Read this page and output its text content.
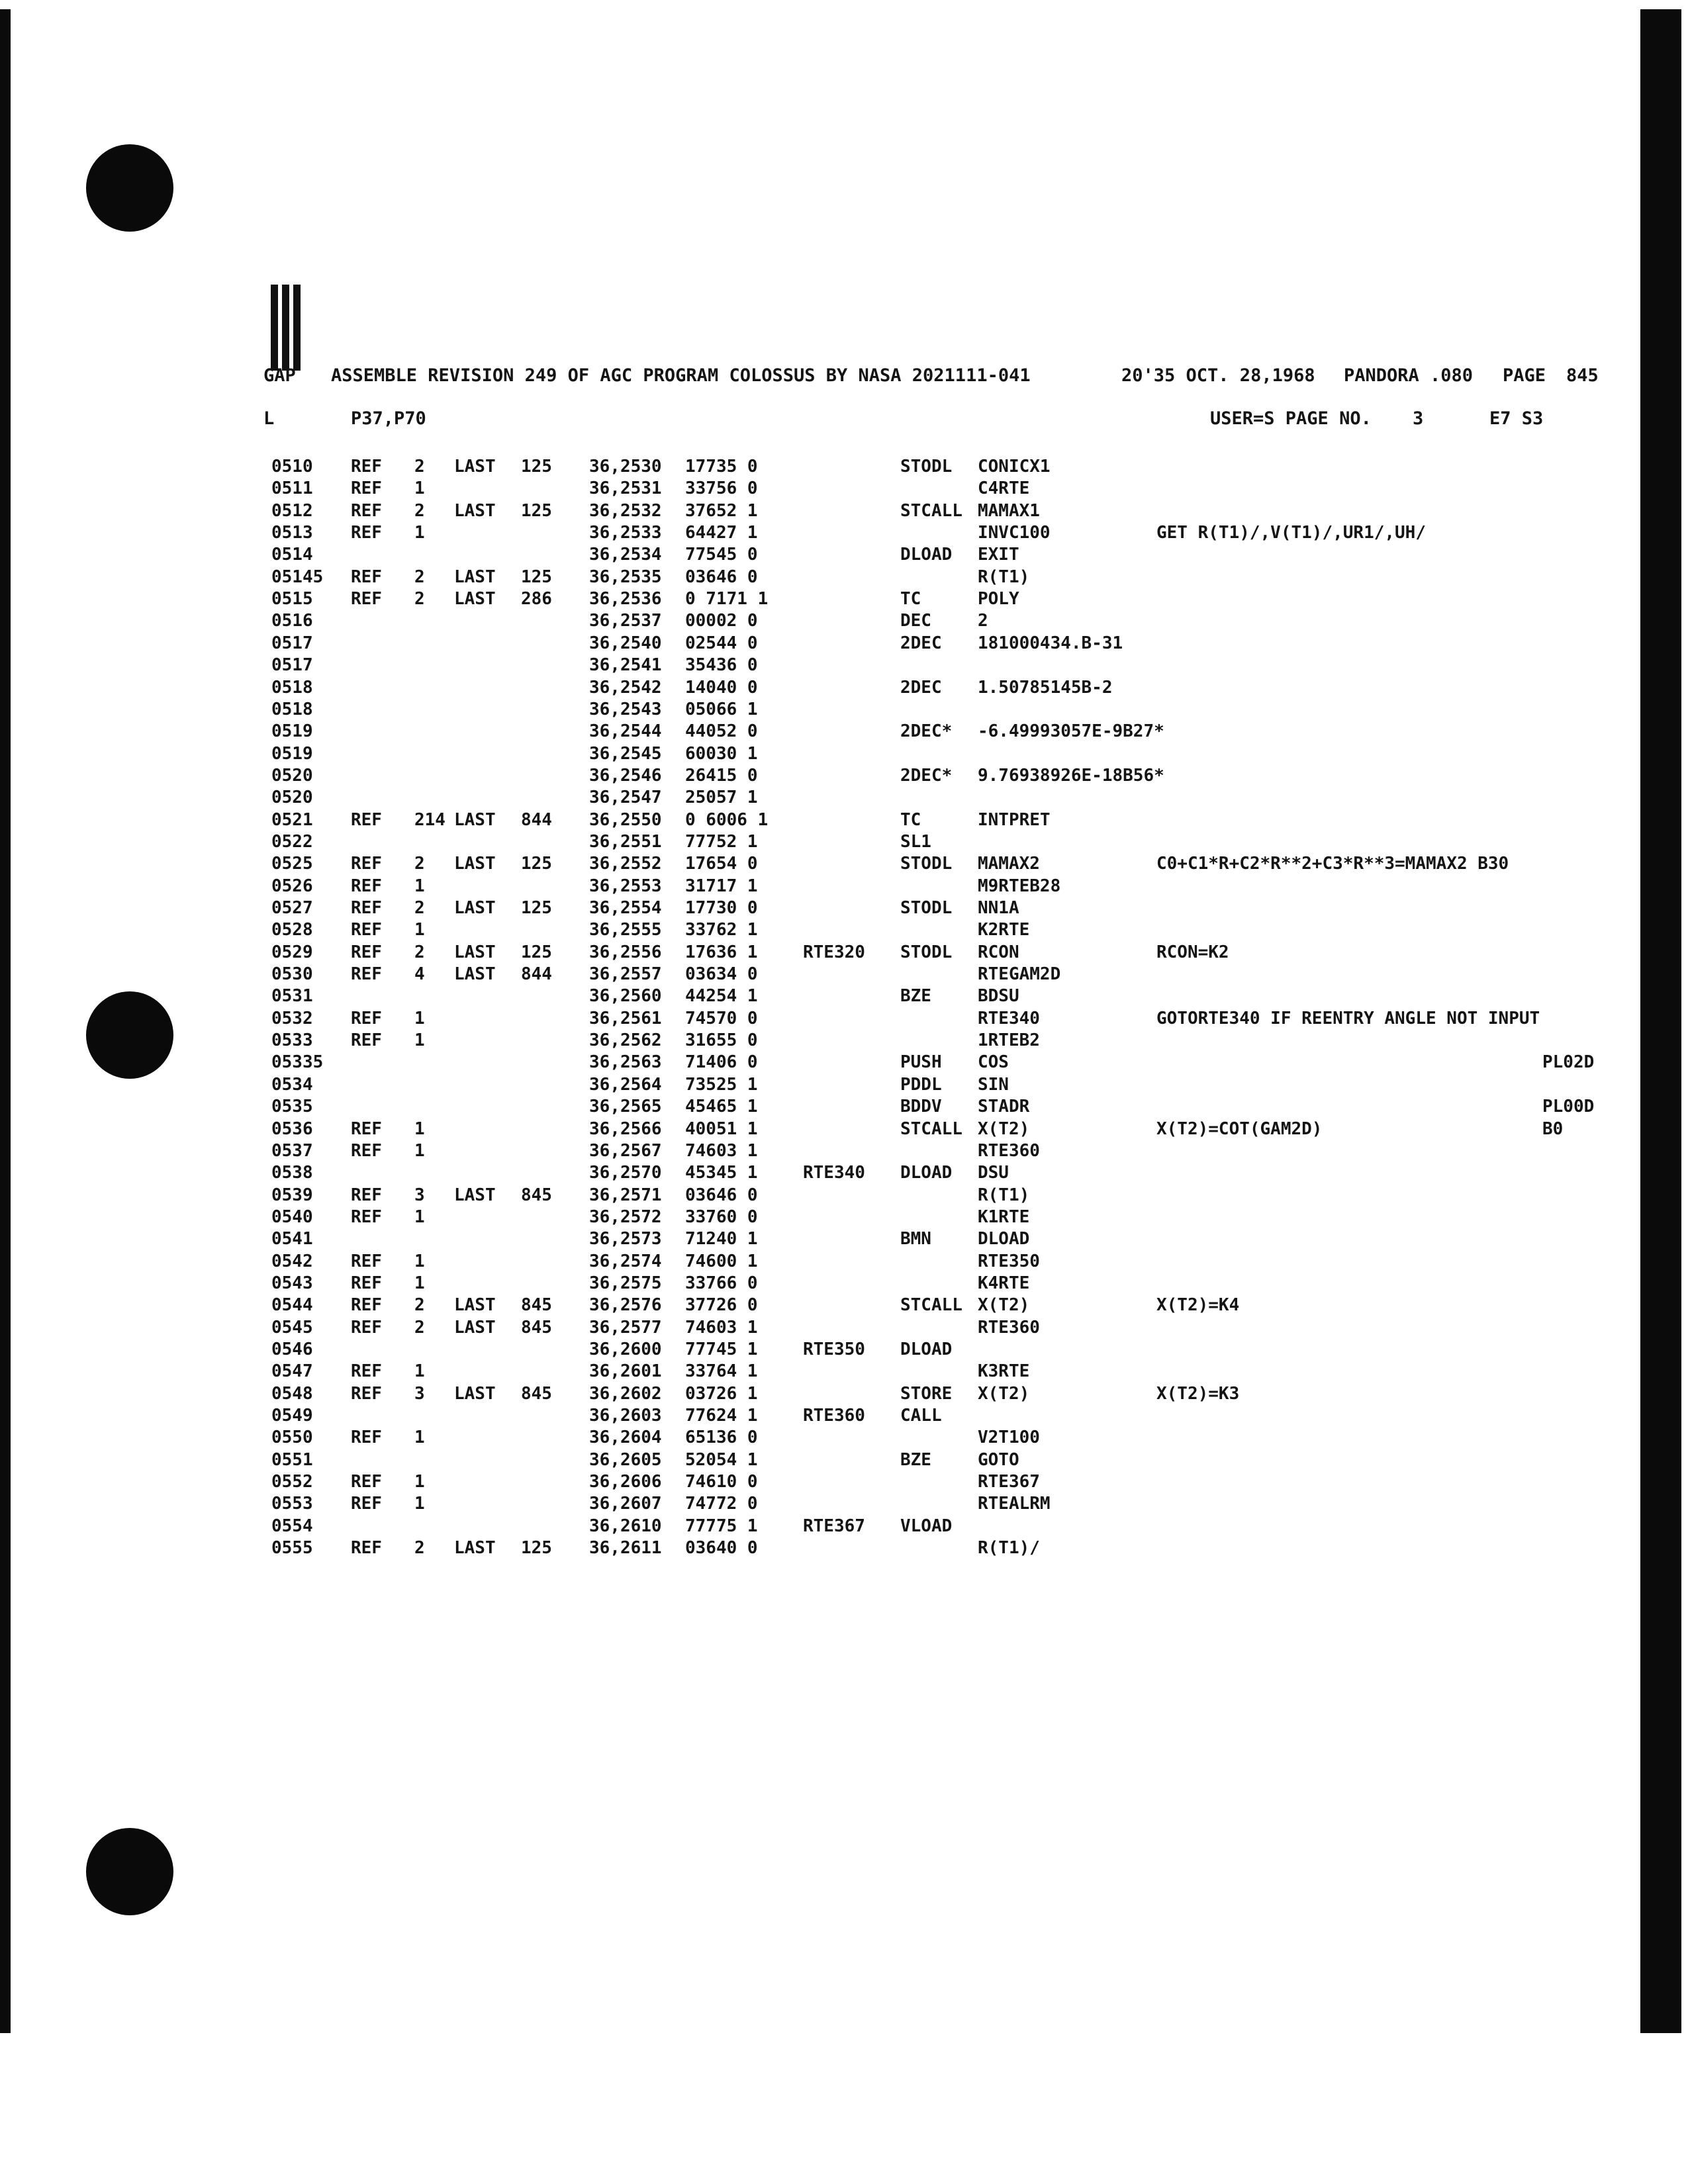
GAP ASSEMBLE REVISION 249 OF AGC PROGRAM COLOSSUS BY NASA 2021111-041	20'35 OCT. 28,1968 PANDORA .080 PAGE 845
L	P37,P70	USER=S PAGE NO. 3	E7 S3
0510 REF 2 LAST 125 36,2530 17735 0	STODL CONICX1
0511 REF 1	36,2531 33756 0	C4RTE
0512 REF 2 LAST 125 36,2532 37652 1	STCALL MAMAX1
0513 REF 1	36,2533 64427 1	INVC100	GET R(T1)/,V(T1)/,UR1/,UH/
0514	36,2534 77545 0	DLOAD EXIT
05145 REF 2 LAST 125 36,2535 03646 0	R(T1)
0515 REF 2 LAST 286 36,2536 0 7171 1	TC	POLY
0516	36,2537 00002 0	DEC	2
0517	36,2540 02544 0	2DEC 181000434.B-31
0517	36,2541 35436 0
0518	36,2542 14040 0	2DEC 1.50785145B-2
0518	36,2543 05066 1
0519	36,2544 44052 0	2DEC* -6.49993057E-9B27*
0519	36,2545 60030 1
0520	36,2546 26415 0	2DEC* 9.76938926E-18B56*
0520	36,2547 25057 1
0521 REF 214 LAST 844 36,2550 0 6006 1	TC	INTPRET
0522	36,2551 77752 1	SL1
0525 REF 2 LAST 125 36,2552 17654 0	STODL MAMAX2	C0+C1*R+C2*R**2+C3*R**3=MAMAX2 B30
0526 REF 1	36,2553 31717 1	M9RTEB28
0527 REF 2 LAST 125 36,2554 17730 0	STODL NN1A
0528 REF 1	36,2555 33762 1	K2RTE
0529 REF 2 LAST 125 36,2556 17636 1	RTE320 STODL RCON	RCON=K2
0530 REF 4 LAST 844 36,2557 03634 0	RTEGAM2D
0531	36,2560 44254 1	BZE	BDSU
0532 REF 1	36,2561 74570 0	RTE340	GOTORTE340 IF REENTRY ANGLE NOT INPUT
0533 REF 1	36,2562 31655 0	1RTEB2
05335	36,2563 71406 0	PUSH COS	PL02D
0534	36,2564 73525 1	PDDL SIN
0535	36,2565 45465 1	BDDV STADR	PL00D
0536 REF 1	36,2566 40051 1	STCALL X(T2)	X(T2)=COT(GAM2D)	B0
0537 REF 1	36,2567 74603 1	RTE360
0538	36,2570 45345 1	RTE340 DLOAD DSU
0539 REF 3 LAST 845 36,2571 03646 0	R(T1)
0540 REF 1	36,2572 33760 0	K1RTE
0541	36,2573 71240 1	BMN	DLOAD
0542 REF 1	36,2574 74600 1	RTE350
0543 REF 1	36,2575 33766 0	K4RTE
0544 REF 2 LAST 845 36,2576 37726 0	STCALL X(T2)	X(T2)=K4
0545 REF 2 LAST 845 36,2577 74603 1	RTE360
0546	36,2600 77745 1	RTE350 DLOAD
0547 REF 1	36,2601 33764 1	K3RTE
0548 REF 3 LAST 845 36,2602 03726 1	STORE X(T2)	X(T2)=K3
0549	36,2603 77624 1	RTE360 CALL
0550 REF 1	36,2604 65136 0	V2T100
0551	36,2605 52054 1	BZE	GOTO
0552 REF 1	36,2606 74610 0	RTE367
0553 REF 1	36,2607 74772 0	RTEALRM
0554	36,2610 77775 1	RTE367 VLOAD
0555 REF 2 LAST 125 36,2611 03640 0	R(T1)/
